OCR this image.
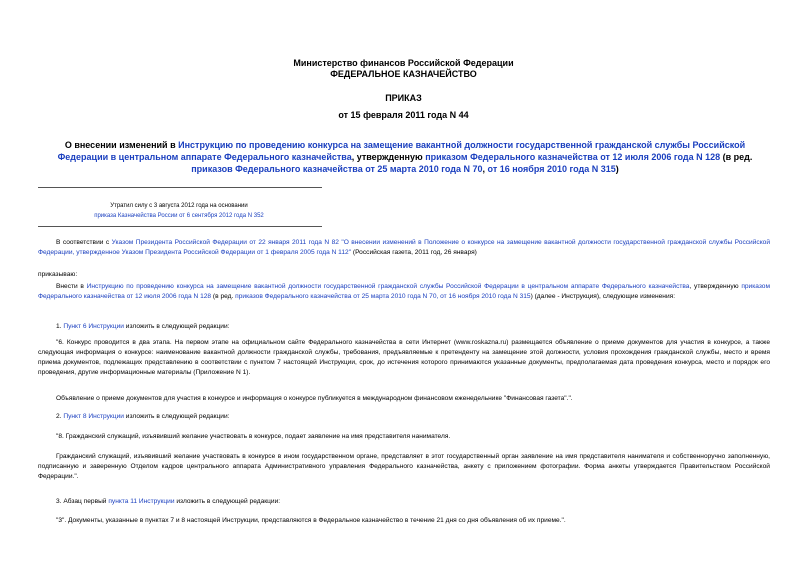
Министерство финансов Российской Федерации
ФЕДЕРАЛЬНОЕ КАЗНАЧЕЙСТВО
ПРИКАЗ
от 15 февраля 2011 года N 44
О внесении изменений в Инструкцию по проведению конкурса на замещение вакантной должности государственной гражданской службы Российской Федерации в центральном аппарате Федерального казначейства, утвержденную приказом Федерального казначейства от 12 июля 2006 года N 128 (в ред. приказов Федерального казначейства от 25 марта 2010 года N 70, от 16 ноября 2010 года N 315)
Утратил силу с 3 августа 2012 года на основании
приказа Казначейства России от 6 сентября 2012 года N 352

В соответствии с Указом Президента Российской Федерации от 22 января 2011 года N 82 "О внесении изменений в Положение о конкурсе на замещение вакантной должности государственной гражданской службы Российской Федерации, утвержденное Указом Президента Российской Федерации от 1 февраля 2005 года N 112" (Российская газета, 2011 год, 26 января)

приказываю:

Внести в Инструкцию по проведению конкурса на замещение вакантной должности государственной гражданской службы Российской Федерации в центральном аппарате Федерального казначейства, утвержденную приказом Федерального казначейства от 12 июля 2006 года N 128 (в ред. приказов Федерального казначейства от 25 марта 2010 года N 70, от 16 ноября 2010 года N 315) (далее - Инструкция), следующие изменения:

1. Пункт 6 Инструкции изложить в следующей редакции:

"6. Конкурс проводится в два этапа. На первом этапе на официальном сайте Федерального казначейства в сети Интернет (www.roskazna.ru) размещается объявление о приеме документов для участия в конкурсе, а также следующая информация о конкурсе: наименование вакантной должности гражданской службы, требования, предъявляемые к претенденту на замещение этой должности, условия прохождения гражданской службы, место и время приема документов, подлежащих представлению в соответствии с пунктом 7 настоящей Инструкции, срок, до истечения которого принимаются указанные документы, предполагаемая дата проведения конкурса, место и порядок его проведения, другие информационные материалы (Приложение N 1).

Объявление о приеме документов для участия в конкурсе и информация о конкурсе публикуется в международном финансовом еженедельнике "Финансовая газета".".

2. Пункт 8 Инструкции изложить в следующей редакции:

"8. Гражданский служащий, изъявивший желание участвовать в конкурсе, подает заявление на имя представителя нанимателя.

Гражданский служащий, изъявивший желание участвовать в конкурсе в ином государственном органе, представляет в этот государственный орган заявление на имя представителя нанимателя и собственноручно заполненную, подписанную и заверенную Отделом кадров центрального аппарата Административного управления Федерального казначейства, анкету с приложением фотографии. Форма анкеты утверждается Правительством Российской Федерации.".

3. Абзац первый пункта 11 Инструкции изложить в следующей редакции:

"3". Документы, указанные в пунктах 7 и 8 настоящей Инструкции, представляются в Федеральное казначейство в течение 21 дня со дня объявления об их приеме.".
